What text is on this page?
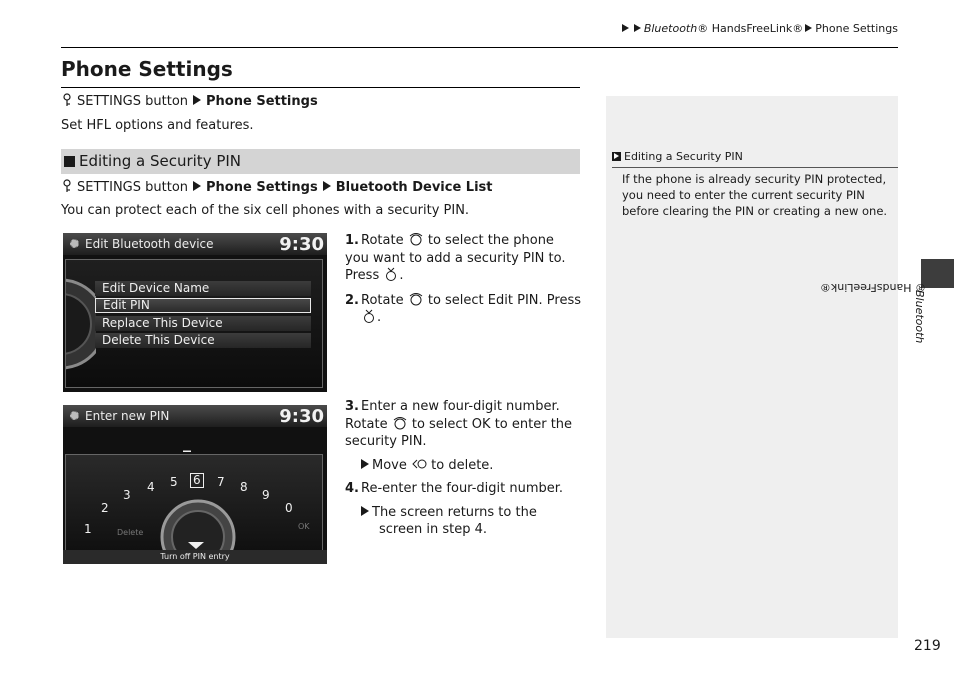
Bluetooth® HandsFreeLink® Phone Settings
Phone Settings
SETTINGS button Phone Settings
Set HFL options and features.
Editing a Security PIN
SETTINGS button Phone Settings Bluetooth Device List
You can protect each of the six cell phones with a security PIN.
Edit Bluetooth device	9:30
Edit Device Name
Edit PIN
Replace This Device
Delete This Device
Enter new PIN	9:30
_
1
2
3
4 5 6 7 8
9
0
Delete
OK
Turn off PIN entry
1. Rotate to select the phone you want to add a security PIN to. Press .
2. Rotate to select Edit PIN. Press
.
3. Enter a new four-digit number. Rotate to select OK to enter the security PIN.
Move to delete.
4. Re-enter the four-digit number.
The screen returns to the screen in step 4.
Editing a Security PIN
If the phone is already security PIN protected, you need to enter the current security PIN before clearing the PIN or creating a new one.
Bluetooth
® HandsFreeLink®
219
